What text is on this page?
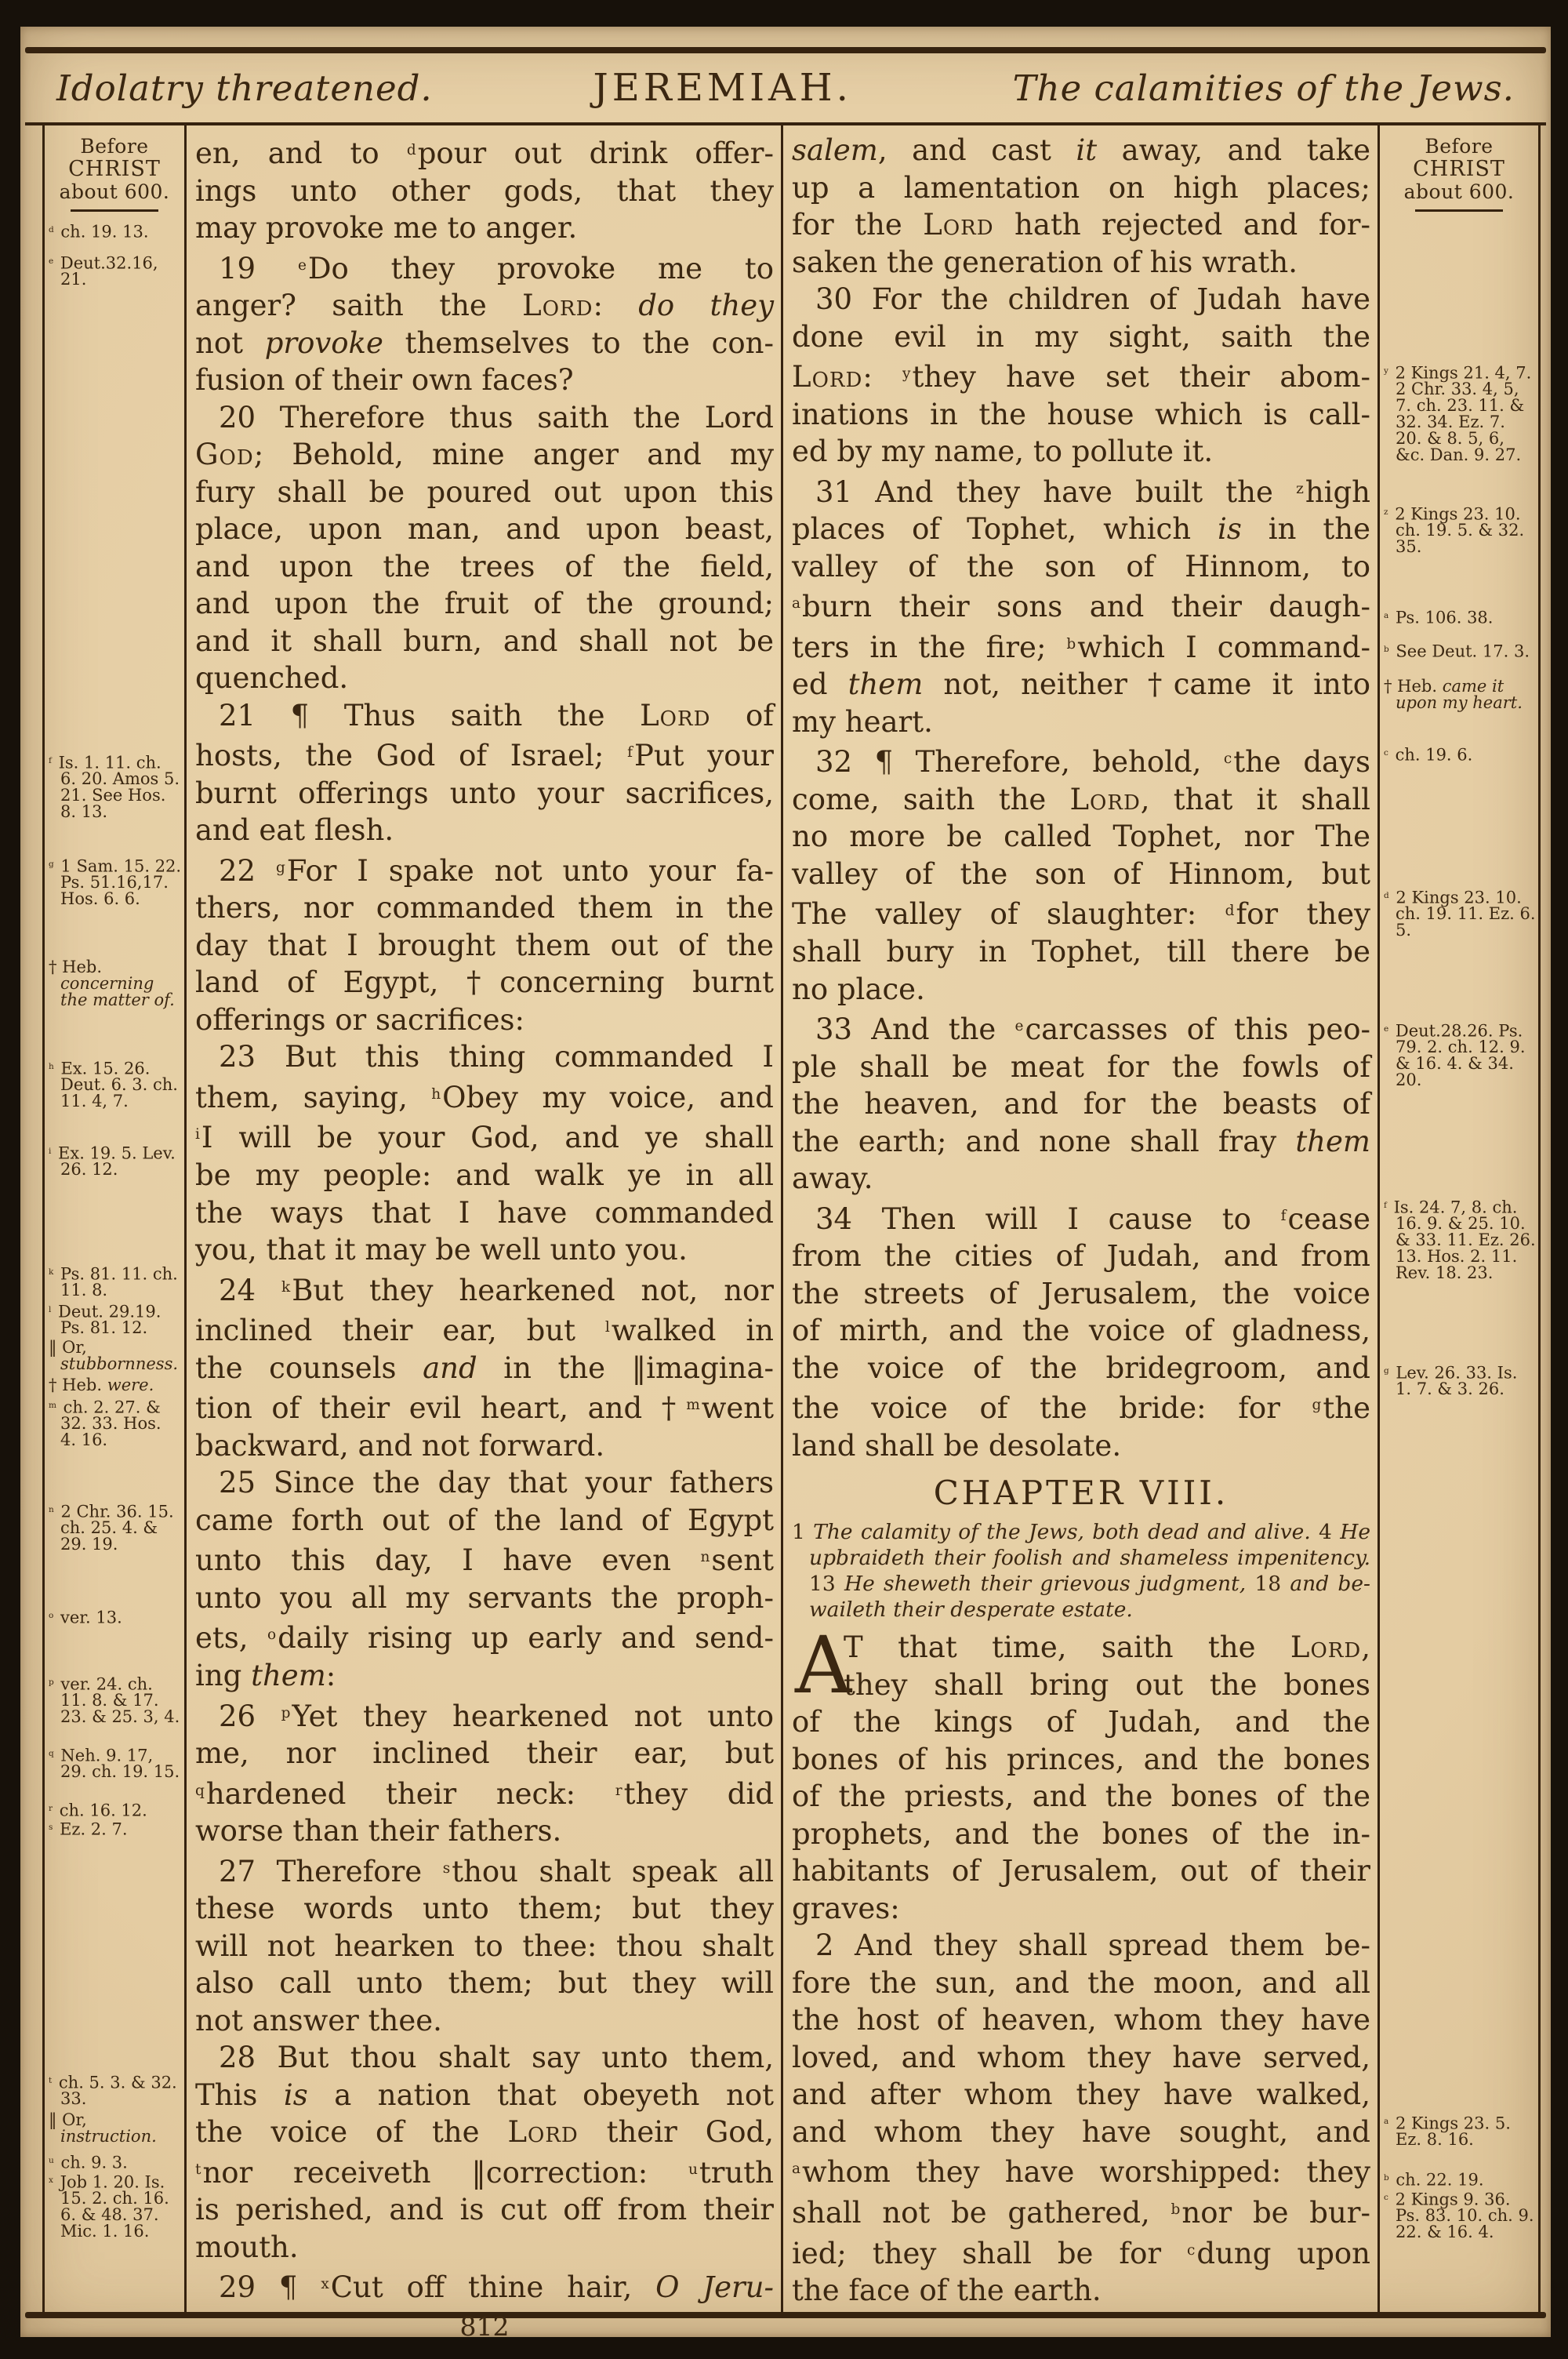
Idolatry threatened.	JEREMIAH.	The calamities of the Jews.
Before
CHRIST
about 600.
$^d$ ch. 19. 13.
$^e$ Deut.32.16, 21.
$^f$ Is. 1. 11. ch. 6. 20. Amos 5. 21. See Hos. 8. 13.
$^g$ 1 Sam. 15. 22. Ps. 51.16,17. Hos. 6. 6.
† Heb. concerning the matter of.
$^h$ Ex. 15. 26. Deut. 6. 3. ch. 11. 4, 7.
$^i$ Ex. 19. 5. Lev. 26. 12.
$^k$ Ps. 81. 11. ch. 11. 8.
$^l$ Deut. 29.19. Ps. 81. 12.
‖ Or, stubbornness.
† Heb. were.
$^m$ ch. 2. 27. & 32. 33. Hos. 4. 16.
$^n$ 2 Chr. 36. 15. ch. 25. 4. & 29. 19.
$^o$ ver. 13.
$^p$ ver. 24. ch. 11. 8. & 17. 23. & 25. 3, 4.
$^q$ Neh. 9. 17, 29. ch. 19. 15.
$^r$ ch. 16. 12.
$^s$ Ez. 2. 7.
$^t$ ch. 5. 3. & 32. 33.
‖ Or, instruction.
$^u$ ch. 9. 3.
$^x$ Job 1. 20. Is. 15. 2. ch. 16. 6. & 48. 37. Mic. 1. 16.
en, and to $^d$pour out drink offer-
ings unto other gods, that they
may provoke me to anger.
19 $^e$Do they provoke me to
anger? saith the Lord: do they
not provoke themselves to the con-
fusion of their own faces?
20 Therefore thus saith the Lord
God; Behold, mine anger and my
fury shall be poured out upon this
place, upon man, and upon beast,
and upon the trees of the field,
and upon the fruit of the ground;
and it shall burn, and shall not be
quenched.
21 ¶ Thus saith the Lord of
hosts, the God of Israel; $^f$Put your
burnt offerings unto your sacrifices,
and eat flesh.
22 $^g$For I spake not unto your fa-
thers, nor commanded them in the
day that I brought them out of the
land of Egypt, †concerning burnt
offerings or sacrifices:
23 But this thing commanded I
them, saying, $^h$Obey my voice, and
$^i$I will be your God, and ye shall
be my people: and walk ye in all
the ways that I have commanded
you, that it may be well unto you.
24 $^k$But they hearkened not, nor
inclined their ear, but $^l$walked in
the counsels and in the ‖imagina-
tion of their evil heart, and †$^m$went
backward, and not forward.
25 Since the day that your fathers
came forth out of the land of Egypt
unto this day, I have even $^n$sent
unto you all my servants the proph-
ets, $^o$daily rising up early and send-
ing them:
26 $^p$Yet they hearkened not unto
me, nor inclined their ear, but
$^q$hardened their neck: $^r$they did
worse than their fathers.
27 Therefore $^s$thou shalt speak all
these words unto them; but they
will not hearken to thee: thou shalt
also call unto them; but they will
not answer thee.
28 But thou shalt say unto them,
This is a nation that obeyeth not
the voice of the Lord their God,
$^t$nor receiveth ‖correction: $^u$truth
is perished, and is cut off from their
mouth.
29 ¶ $^x$Cut off thine hair, O Jeru-
812
salem, and cast it away, and take
up a lamentation on high places;
for the Lord hath rejected and for-
saken the generation of his wrath.
30 For the children of Judah have
done evil in my sight, saith the
Lord: $^y$they have set their abom-
inations in the house which is call-
ed by my name, to pollute it.
31 And they have built the $^z$high
places of Tophet, which is in the
valley of the son of Hinnom, to
$^a$burn their sons and their daugh-
ters in the fire; $^b$which I command-
ed them not, neither †came it into
my heart.
32 ¶ Therefore, behold, $^c$the days
come, saith the Lord, that it shall
no more be called Tophet, nor The
valley of the son of Hinnom, but
The valley of slaughter: $^d$for they
shall bury in Tophet, till there be
no place.
33 And the $^e$carcasses of this peo-
ple shall be meat for the fowls of
the heaven, and for the beasts of
the earth; and none shall fray them
away.
34 Then will I cause to $^f$cease
from the cities of Judah, and from
the streets of Jerusalem, the voice
of mirth, and the voice of gladness,
the voice of the bridegroom, and
the voice of the bride: for $^g$the
land shall be desolate.
CHAPTER VIII.
1 The calamity of the Jews, both dead and alive. 4 He
upbraideth their foolish and shameless impenitency.
13 He sheweth their grievous judgment, 18 and be-
waileth their desperate estate.
A
T that time, saith the Lord,
they shall bring out the bones
of the kings of Judah, and the
bones of his princes, and the bones
of the priests, and the bones of the
prophets, and the bones of the in-
habitants of Jerusalem, out of their
graves:
2 And they shall spread them be-
fore the sun, and the moon, and all
the host of heaven, whom they have
loved, and whom they have served,
and after whom they have walked,
and whom they have sought, and
$^a$whom they have worshipped: they
shall not be gathered, $^b$nor be bur-
ied; they shall be for $^c$dung upon
the face of the earth.
Before
CHRIST
about 600.
$^y$ 2 Kings 21. 4, 7. 2 Chr. 33. 4, 5, 7. ch. 23. 11. & 32. 34. Ez. 7. 20. & 8. 5, 6, &c. Dan. 9. 27.
$^z$ 2 Kings 23. 10. ch. 19. 5. & 32. 35.
$^a$ Ps. 106. 38.
$^b$ See Deut. 17. 3.
† Heb. came it upon my heart.
$^c$ ch. 19. 6.
$^d$ 2 Kings 23. 10. ch. 19. 11. Ez. 6. 5.
$^e$ Deut.28.26. Ps. 79. 2. ch. 12. 9. & 16. 4. & 34. 20.
$^f$ Is. 24. 7, 8. ch. 16. 9. & 25. 10. & 33. 11. Ez. 26. 13. Hos. 2. 11. Rev. 18. 23.
$^g$ Lev. 26. 33. Is. 1. 7. & 3. 26.
$^a$ 2 Kings 23. 5. Ez. 8. 16.
$^b$ ch. 22. 19.
$^c$ 2 Kings 9. 36. Ps. 83. 10. ch. 9. 22. & 16. 4.
